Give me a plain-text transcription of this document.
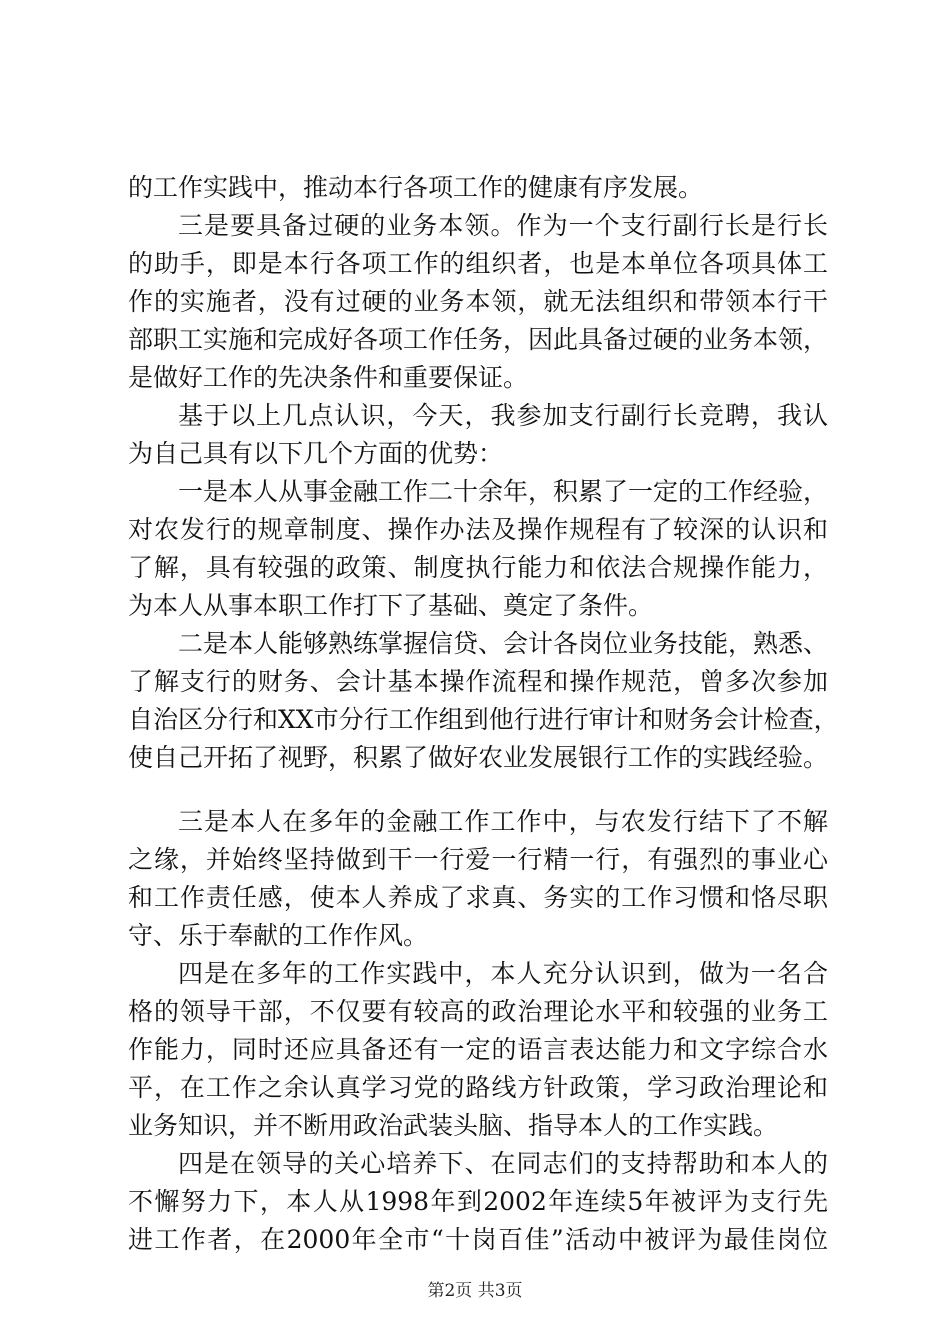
的工作实践中，推动本行各项工作的健康有序发展。
三是要具备过硬的业务本领。作为一个支行副行长是行长
的助手，即是本行各项工作的组织者，也是本单位各项具体工
作的实施者，没有过硬的业务本领，就无法组织和带领本行干
部职工实施和完成好各项工作任务，因此具备过硬的业务本领，
是做好工作的先决条件和重要保证。
基于以上几点认识，今天，我参加支行副行长竞聘，我认
为自己具有以下几个方面的优势：
一是本人从事金融工作二十余年，积累了一定的工作经验，
对农发行的规章制度、操作办法及操作规程有了较深的认识和
了解，具有较强的政策、制度执行能力和依法合规操作能力，
为本人从事本职工作打下了基础、奠定了条件。
二是本人能够熟练掌握信贷、会计各岗位业务技能，熟悉、
了解支行的财务、会计基本操作流程和操作规范，曾多次参加
自治区分行和XX市分行工作组到他行进行审计和财务会计检查，
使自己开拓了视野，积累了做好农业发展银行工作的实践经验。
三是本人在多年的金融工作工作中，与农发行结下了不解
之缘，并始终坚持做到干一行爱一行精一行，有强烈的事业心
和工作责任感，使本人养成了求真、务实的工作习惯和恪尽职
守、乐于奉献的工作作风。
四是在多年的工作实践中，本人充分认识到，做为一名合
格的领导干部，不仅要有较高的政治理论水平和较强的业务工
作能力，同时还应具备还有一定的语言表达能力和文字综合水
平，在工作之余认真学习党的路线方针政策，学习政治理论和
业务知识，并不断用政治武装头脑、指导本人的工作实践。
四是在领导的关心培养下、在同志们的支持帮助和本人的
不懈努力下，本人从1998年到2002年连续5年被评为支行先
进工作者，在2000年全市“十岗百佳”活动中被评为最佳岗位
第2页 共3页
